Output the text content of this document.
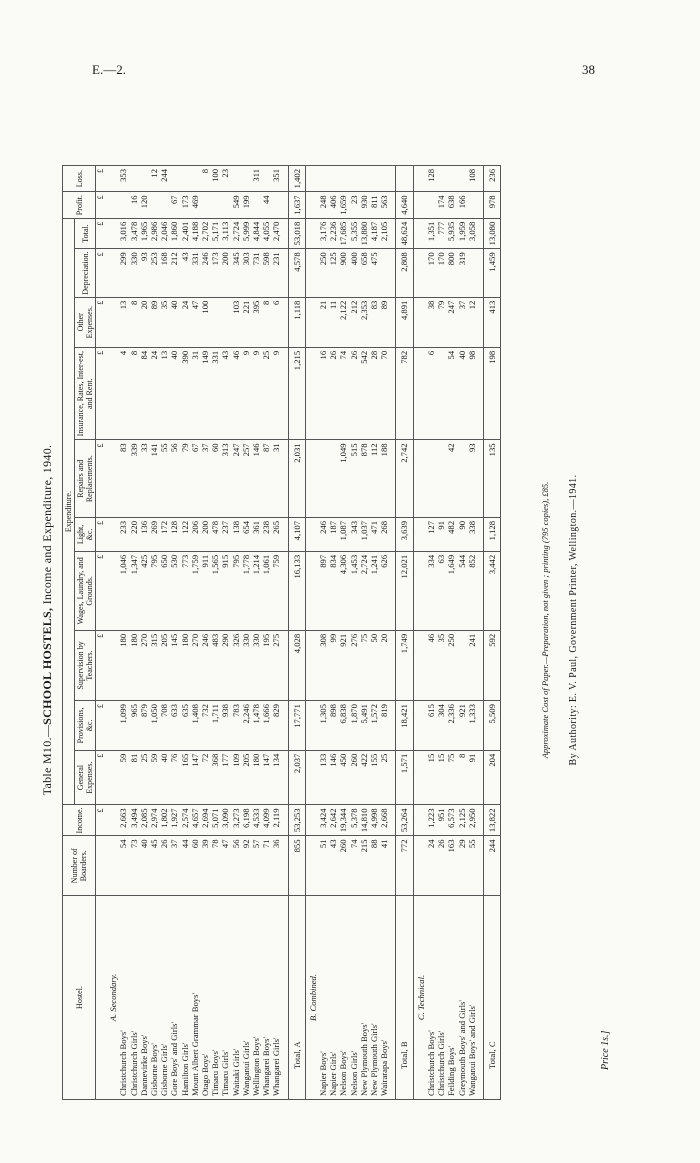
E.—2.	38
Table M10.—SCHOOL HOSTELS, Income and Expenditure, 1940.
Hostel.	Number of Boarders.	Income.	Expenditure.										Profit.	Loss.
			General Expenses.	Provisions, &c.	Supervision by Teachers.	Wages, Laundry, and Grounds.	Light, &c.	Repairs and Replacements.	Insurance, Rates, Inter-est, and Rent.	Other Expenses.	Depreciation.	Total.		
		£	£	£	£	£	£	£	£	£	£	£	£	£
A. Secondary.														
Christchurch Boys'	54	2,663	59	1,099	180	1,046	233	83	4	13	299	3,016		353
Christchurch Girls'	73	3,494	81	965	180	1,347	220	339	8	8	330	3,478	16	
Dannevirke Boys'	40	2,085	25	879	270	425	136	33	84	20	93	1,965	120	
Gisborne Boys'	45	2,974	59	1,050	315	795	269	141	24	89	253	2,986		12
Gisborne Girls'	26	1,802	40	708	205	650	172	55	13	35	168	2,046		244
Gore Boys' and Girls'	37	1,927	76	633	145	530	128	56	40	40	212	1,860	67	
Hamilton Girls'	44	2,574	165	635	180	773	122	79	390	24	43	2,401	173	
Mount Albert Grammar Boys'	60	4,657	147	1,408	270	1,759	206	67	31	47	331	4,188	469	
Otago Boys'	39	2,694	72	732	246	911	200	37	149	100	246	2,702		8
Timaru Boys'	78	5,071	368	1,711	483	1,565	478	60	331		173	5,171		100
Timaru Girls'	47	3,090	177	938	290	915	237	313	43		200	3,113		23
Waitaki Girls'	56	3,273	109	783	326	795	138	247	46	103	345	2,724	549	
Wanganui Girls'	92	6,198	205	2,246	330	1,778	654	257	9	221	303	5,999	199	
Wellington Boys'	57	4,533	180	1,478	330	1,214	361	146	9	395	731	4,844		311
Whangarei Boys'	71	4,099	147	1,666	195	1,061	238	87	25	8	598	4,055	44	
Whangarei Girls'	36	2,119	134	829	275	759	265	31	9	6	231	2,470		351

Total, A	855	53,253	2,037	17,771	4,028	16,133	4,107	2,031	1,215	1,118	4,578	53,018	1,637	1,402
B. Combined.														
Napier Boys'	51	3,424	133	1,305	308	897	246		16	21	250	3,176	248	
Napier Girls'	43	2,642	146	898	99	834	187		26	11	125	2,236	406	
Nelson Boys'	260	19,344	450	6,838	921	4,306	1,087	1,049	74	2,122	900	17,685	1,659	
Nelson Girls'	74	5,378	260	1,870	276	1,453	343	515	26	212	400	5,355	23	
New Plymouth Boys'	215	14,810	422	5,491	75	2,724	1,037	878	542	2,353	658	13,880	930	
New Plymouth Girls'	88	4,998	155	1,572	50	1,241	471	112	28	83	475	4,187	811	
Wairarapa Boys'	41	2,668	25	819	20	626	268	188	70	89		2,105	563	

Total, B	772	53,264	1,571	18,421	1,749	12,021	3,639	2,742	782	4,891	2,808	48,624	4,640	
C. Technical.														
Christchurch Boys'	24	1,223	15	615	46	334	127		6	38	170	1,351		128
Christchurch Girls'	26	951	15	304	35	63	91			79	170	777	174	
Feilding Boys'	163	6,573	75	2,336	250	1,649	482	42	54	247	800	5,935	638	
Greymouth Boys' and Girls'	29	2,125	8	921		544	90		40	37	319	1,959	166	
Wanganui Boys' and Girls'	55	2,950	91	1,333	241	852	338	93	98	12		3,058		108

Total, C	244	13,822	204	5,509	592	3,442	1,128	135	198	413	1,459	13,080	978	236
Approximate Cost of Paper.—Preparation, not given ; printing (795 copies), £85. By Authority: E. V. Paul, Government Printer, Wellington.—1941.
Price 1s.]
